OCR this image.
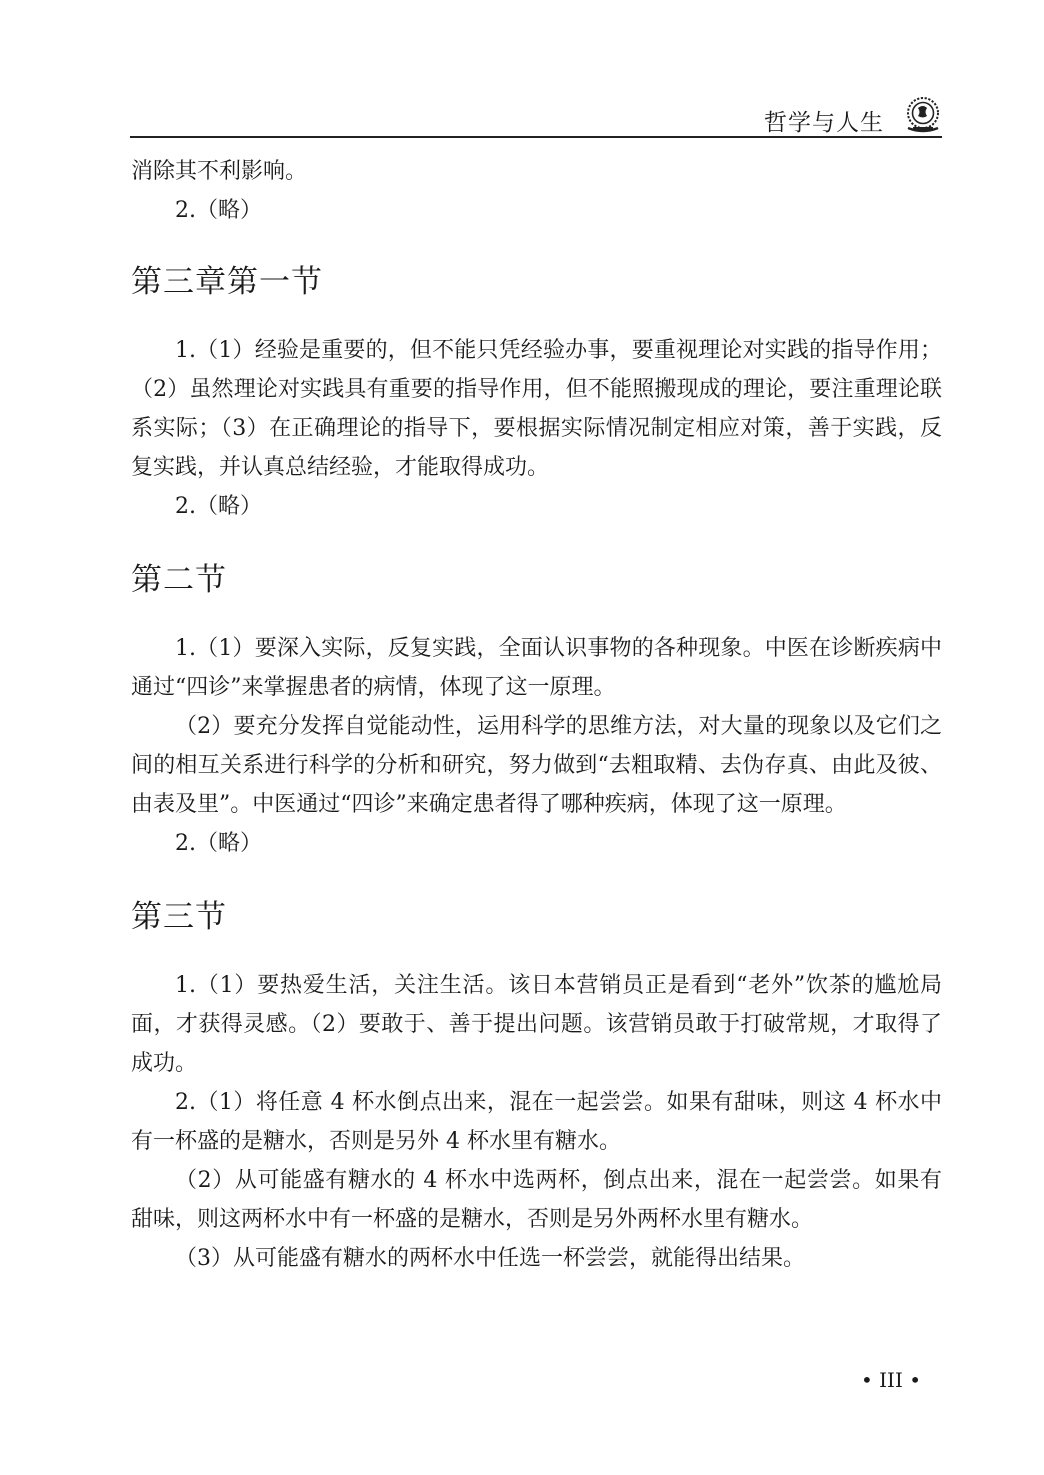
哲学与人生

消除其不利影响。

2.（略）

第三章第一节

1.（1）经验是重要的，但不能只凭经验办事，要重视理论对实践的指导作用；（2）虽然理论对实践具有重要的指导作用，但不能照搬现成的理论，要注重理论联系实际；（3）在正确理论的指导下，要根据实际情况制定相应对策，善于实践，反复实践，并认真总结经验，才能取得成功。

2.（略）

第二节

1.（1）要深入实际，反复实践，全面认识事物的各种现象。中医在诊断疾病中通过“四诊”来掌握患者的病情，体现了这一原理。

（2）要充分发挥自觉能动性，运用科学的思维方法，对大量的现象以及它们之间的相互关系进行科学的分析和研究，努力做到“去粗取精、去伪存真、由此及彼、由表及里”。中医通过“四诊”来确定患者得了哪种疾病，体现了这一原理。

2.（略）

第三节

1.（1）要热爱生活，关注生活。该日本营销员正是看到“老外”饮茶的尴尬局面，才获得灵感。（2）要敢于、善于提出问题。该营销员敢于打破常规，才取得了成功。

2.（1）将任意 4 杯水倒点出来，混在一起尝尝。如果有甜味，则这 4 杯水中有一杯盛的是糖水，否则是另外 4 杯水里有糖水。

（2）从可能盛有糖水的 4 杯水中选两杯，倒点出来，混在一起尝尝。如果有甜味，则这两杯水中有一杯盛的是糖水，否则是另外两杯水里有糖水。

（3）从可能盛有糖水的两杯水中任选一杯尝尝，就能得出结果。

• III •
